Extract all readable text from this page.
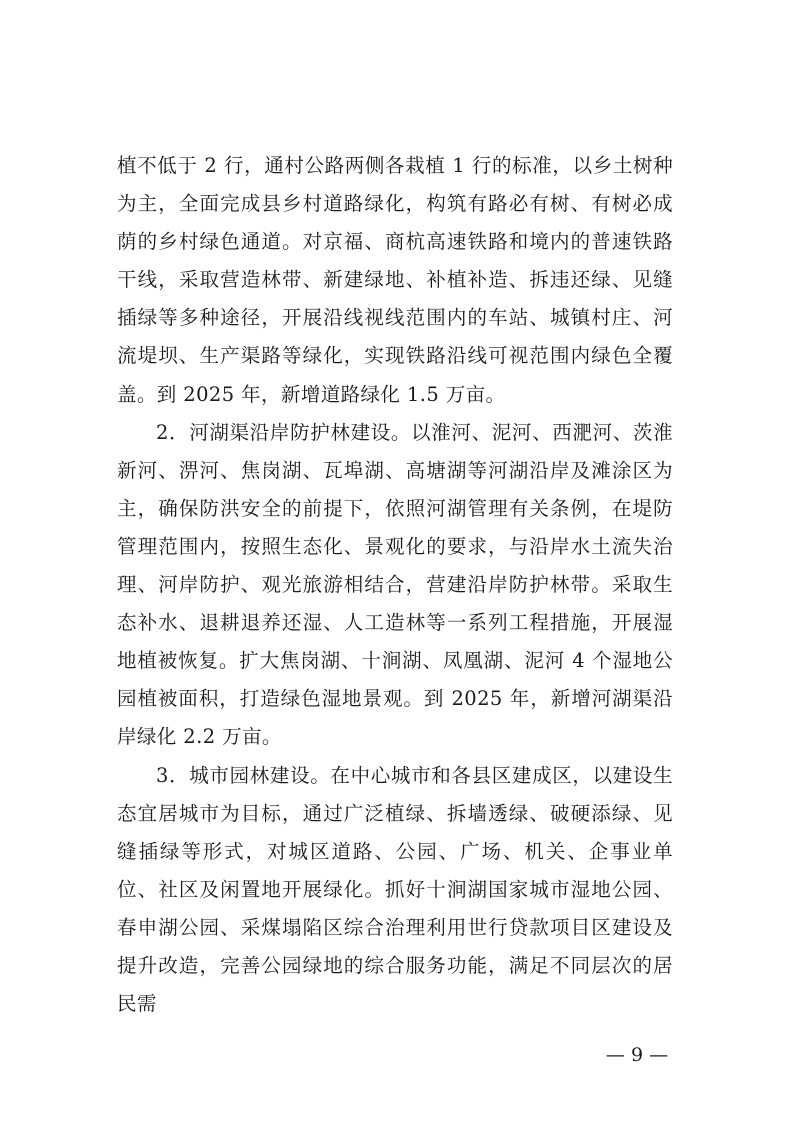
植不低于 2 行，通村公路两侧各栽植 1 行的标准，以乡土树种为主，全面完成县乡村道路绿化，构筑有路必有树、有树必成荫的乡村绿色通道。对京福、商杭高速铁路和境内的普速铁路干线，采取营造林带、新建绿地、补植补造、拆违还绿、见缝插绿等多种途径，开展沿线视线范围内的车站、城镇村庄、河流堤坝、生产渠路等绿化，实现铁路沿线可视范围内绿色全覆盖。到 2025 年，新增道路绿化 1.5 万亩。

2．河湖渠沿岸防护林建设。以淮河、泥河、西淝河、茨淮新河、淠河、焦岗湖、瓦埠湖、高塘湖等河湖沿岸及滩涂区为主，确保防洪安全的前提下，依照河湖管理有关条例，在堤防管理范围内，按照生态化、景观化的要求，与沿岸水土流失治理、河岸防护、观光旅游相结合，营建沿岸防护林带。采取生态补水、退耕退养还湿、人工造林等一系列工程措施，开展湿地植被恢复。扩大焦岗湖、十涧湖、凤凰湖、泥河 4 个湿地公园植被面积，打造绿色湿地景观。到 2025 年，新增河湖渠沿岸绿化 2.2 万亩。

3．城市园林建设。在中心城市和各县区建成区，以建设生态宜居城市为目标，通过广泛植绿、拆墙透绿、破硬添绿、见缝插绿等形式，对城区道路、公园、广场、机关、企事业单位、社区及闲置地开展绿化。抓好十涧湖国家城市湿地公园、春申湖公园、采煤塌陷区综合治理利用世行贷款项目区建设及提升改造，完善公园绿地的综合服务功能，满足不同层次的居民需

— 9 —
